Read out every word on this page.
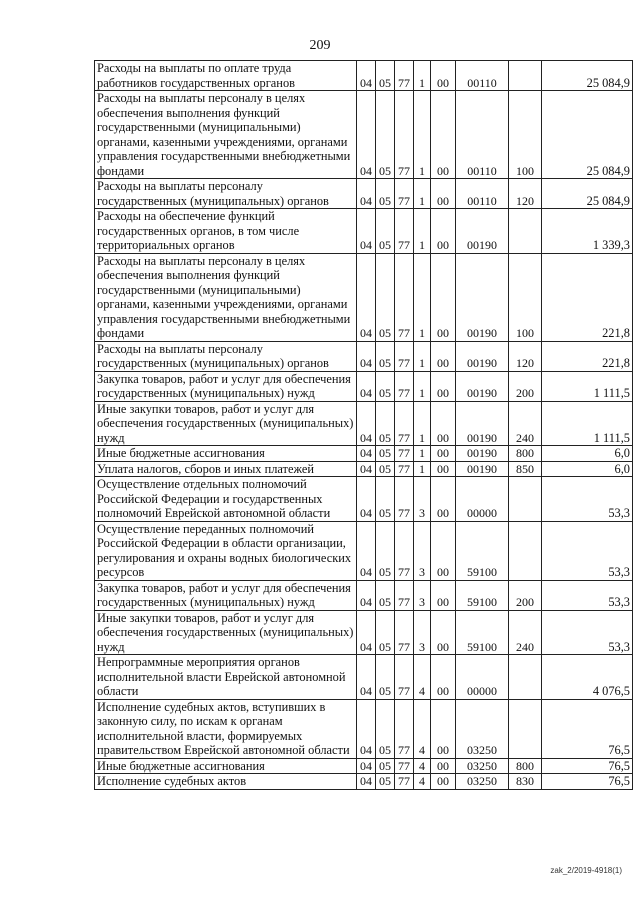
209
Расходы на выплаты по оплате труда работников государственных органов	04	05	77	1	00	00110		25 084,9
Расходы на выплаты персоналу в целях обеспечения выполнения функций государственными (муниципальными) органами, казенными учреждениями, органами управления государственными внебюджетными фондами	04	05	77	1	00	00110	100	25 084,9
Расходы на выплаты персоналу государственных (муниципальных) органов	04	05	77	1	00	00110	120	25 084,9
Расходы на обеспечение функций государственных органов, в том числе территориальных органов	04	05	77	1	00	00190		1 339,3
Расходы на выплаты персоналу в целях обеспечения выполнения функций государственными (муниципальными) органами, казенными учреждениями, органами управления государственными внебюджетными фондами	04	05	77	1	00	00190	100	221,8
Расходы на выплаты персоналу государственных (муниципальных) органов	04	05	77	1	00	00190	120	221,8
Закупка товаров, работ и услуг для обеспечения государственных (муниципальных) нужд	04	05	77	1	00	00190	200	1 111,5
Иные закупки товаров, работ и услуг для обеспечения государственных (муниципальных) нужд	04	05	77	1	00	00190	240	1 111,5
Иные бюджетные ассигнования	04	05	77	1	00	00190	800	6,0
Уплата налогов, сборов и иных платежей	04	05	77	1	00	00190	850	6,0
Осуществление отдельных полномочий Российской Федерации и государственных полномочий Еврейской автономной области	04	05	77	3	00	00000		53,3
Осуществление переданных полномочий Российской Федерации в области организации, регулирования и охраны водных биологических ресурсов	04	05	77	3	00	59100		53,3
Закупка товаров, работ и услуг для обеспечения государственных (муниципальных) нужд	04	05	77	3	00	59100	200	53,3
Иные закупки товаров, работ и услуг для обеспечения государственных (муниципальных) нужд	04	05	77	3	00	59100	240	53,3
Непрограммные мероприятия органов исполнительной власти Еврейской автономной области	04	05	77	4	00	00000		4 076,5
Исполнение судебных актов, вступивших в законную силу, по искам к органам исполнительной власти, формируемых правительством Еврейской автономной области	04	05	77	4	00	03250		76,5
Иные бюджетные ассигнования	04	05	77	4	00	03250	800	76,5
Исполнение судебных актов	04	05	77	4	00	03250	830	76,5
zak_2/2019-4918(1)
